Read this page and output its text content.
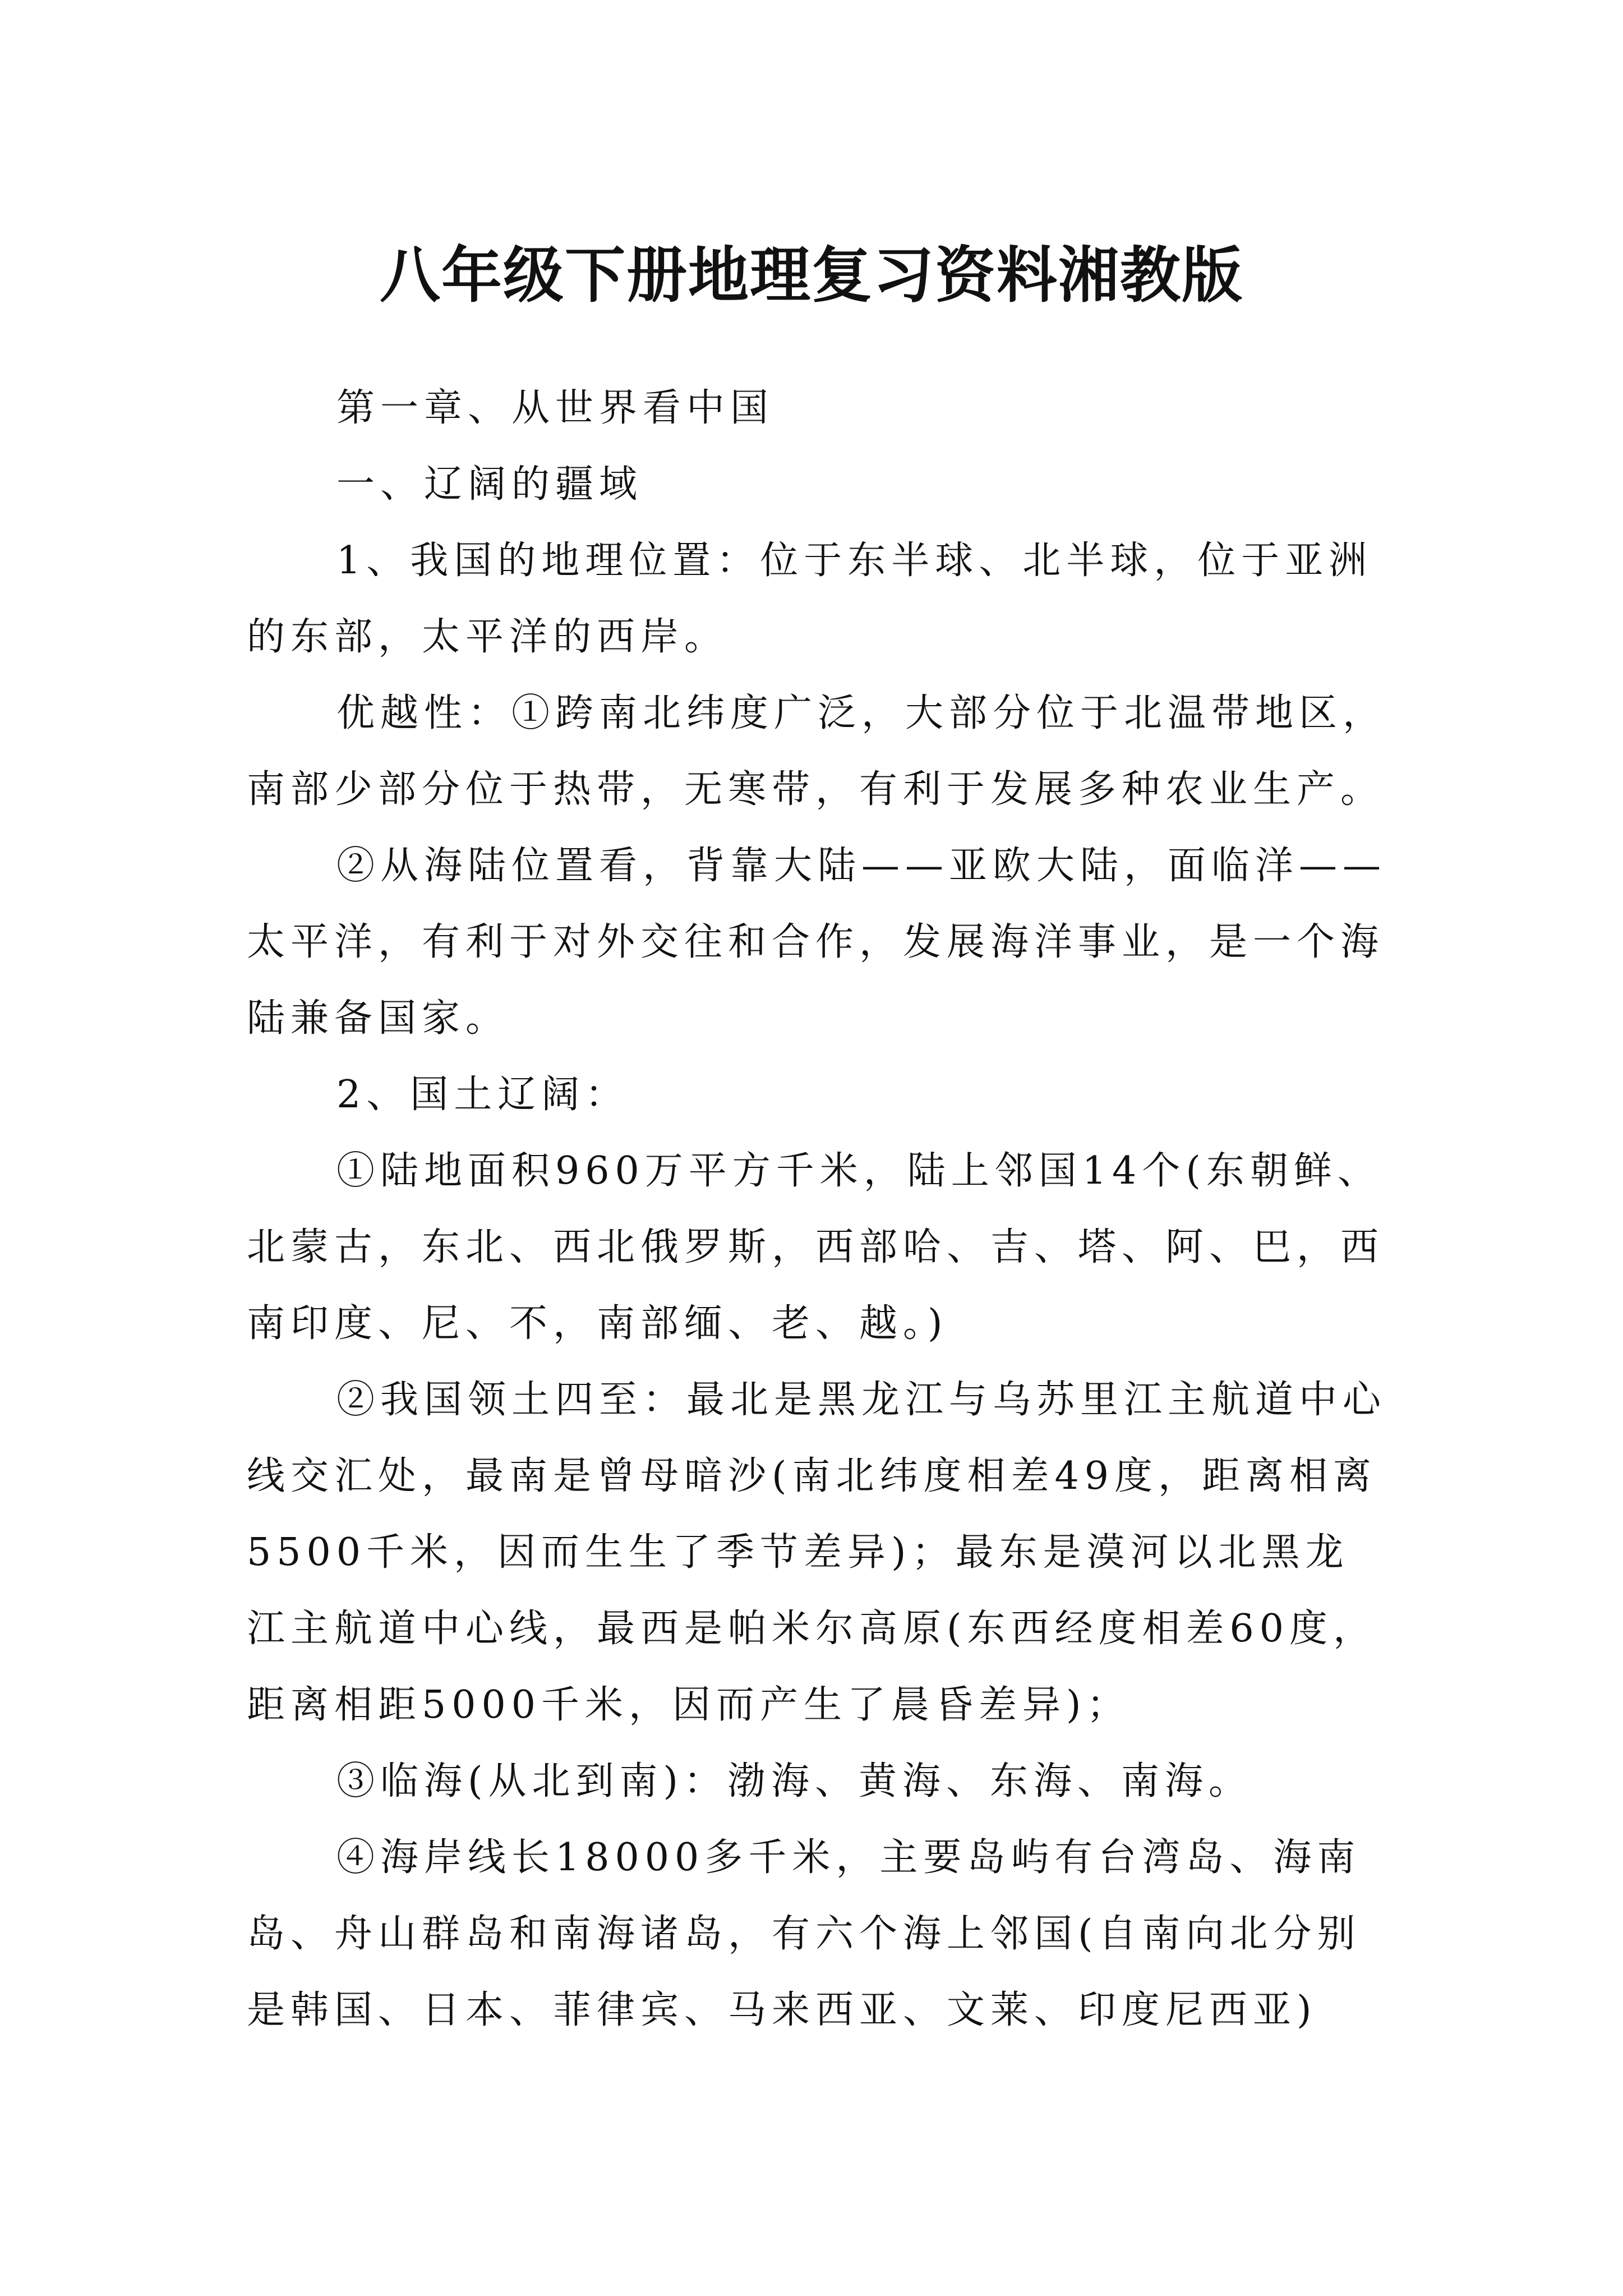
八年级下册地理复习资料湘教版

第一章、从世界看中国

一、辽阔的疆域

1、我国的地理位置：位于东半球、北半球，位于亚洲的东部，太平洋的西岸。

优越性：①跨南北纬度广泛，大部分位于北温带地区，南部少部分位于热带，无寒带，有利于发展多种农业生产。

②从海陆位置看，背靠大陆——亚欧大陆，面临洋——太平洋，有利于对外交往和合作，发展海洋事业，是一个海陆兼备国家。

2、国土辽阔：

①陆地面积960万平方千米，陆上邻国14个(东朝鲜、北蒙古，东北、西北俄罗斯，西部哈、吉、塔、阿、巴，西南印度、尼、不，南部缅、老、越。)

②我国领土四至：最北是黑龙江与乌苏里江主航道中心线交汇处，最南是曾母暗沙(南北纬度相差49度，距离相离5500千米，因而生生了季节差异)；最东是漠河以北黑龙江主航道中心线，最西是帕米尔高原(东西经度相差60度，距离相距5000千米，因而产生了晨昏差异)；

③临海(从北到南)：渤海、黄海、东海、南海。

④海岸线长18000多千米，主要岛屿有台湾岛、海南岛、舟山群岛和南海诸岛，有六个海上邻国(自南向北分别是韩国、日本、菲律宾、马来西亚、文莱、印度尼西亚)
